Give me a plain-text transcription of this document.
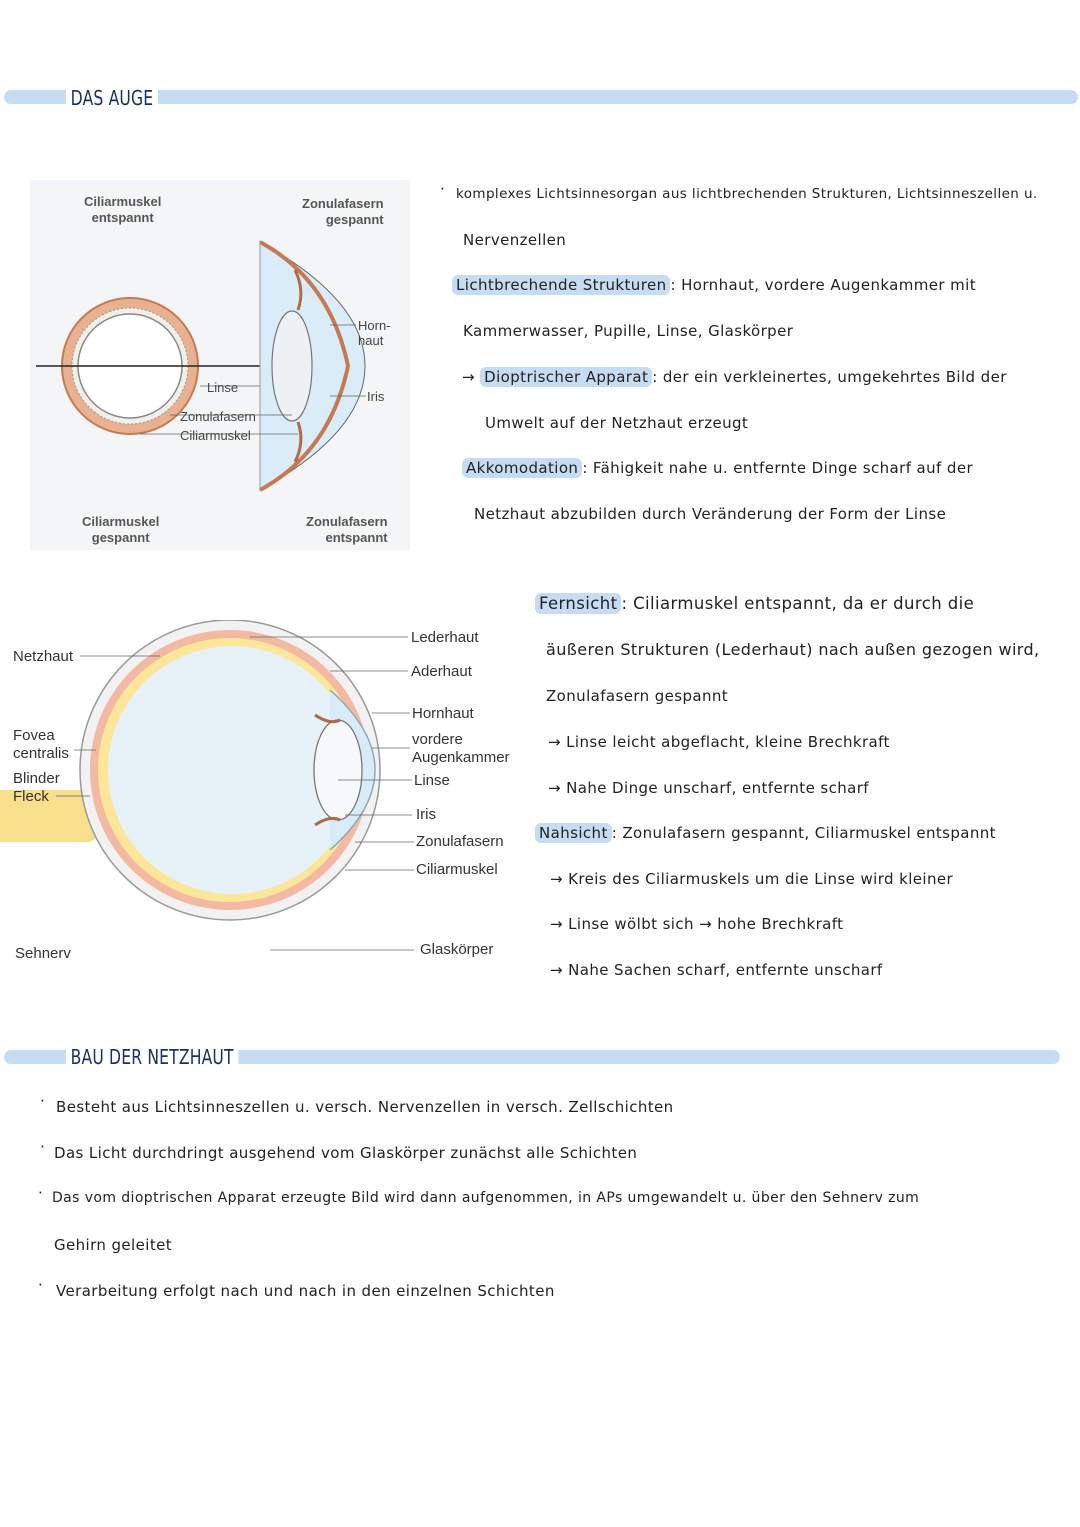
DAS AUGE
Ciliarmuskel
entspannt
Zonulafasern
gespannt
Ciliarmuskel
gespannt
Zonulafasern
entspannt
Horn-
haut
Iris
Linse
Zonulafasern
Ciliarmuskel
Netzhaut
Fovea
centralis
Blinder
Fleck
Sehnerv
Lederhaut
Aderhaut
Hornhaut
vordere
Augenkammer
Linse
Iris
Zonulafasern
Ciliarmuskel
Glaskörper
· komplexes Lichtsinnesorgan aus lichtbrechenden Strukturen, Lichtsinneszellen u.
Nervenzellen
Lichtbrechende Strukturen : Hornhaut, vordere Augenkammer mit
Kammerwasser, Pupille, Linse, Glaskörper
→ Dioptrischer Apparat : der ein verkleinertes, umgekehrtes Bild der
Umwelt auf der Netzhaut erzeugt
Akkomodation : Fähigkeit nahe u. entfernte Dinge scharf auf der
Netzhaut abzubilden durch Veränderung der Form der Linse
Fernsicht : Ciliarmuskel entspannt, da er durch die
äußeren Strukturen (Lederhaut) nach außen gezogen wird,
Zonulafasern gespannt
→ Linse leicht abgeflacht, kleine Brechkraft
→ Nahe Dinge unscharf, entfernte scharf
Nahsicht : Zonulafasern gespannt, Ciliarmuskel entspannt
→ Kreis des Ciliarmuskels um die Linse wird kleiner
→ Linse wölbt sich → hohe Brechkraft
→ Nahe Sachen scharf, entfernte unscharf
BAU DER NETZHAUT
· Besteht aus Lichtsinneszellen u. versch. Nervenzellen in versch. Zellschichten
· Das Licht durchdringt ausgehend vom Glaskörper zunächst alle Schichten
· Das vom dioptrischen Apparat erzeugte Bild wird dann aufgenommen, in APs umgewandelt u. über den Sehnerv zum
Gehirn geleitet
· Verarbeitung erfolgt nach und nach in den einzelnen Schichten
